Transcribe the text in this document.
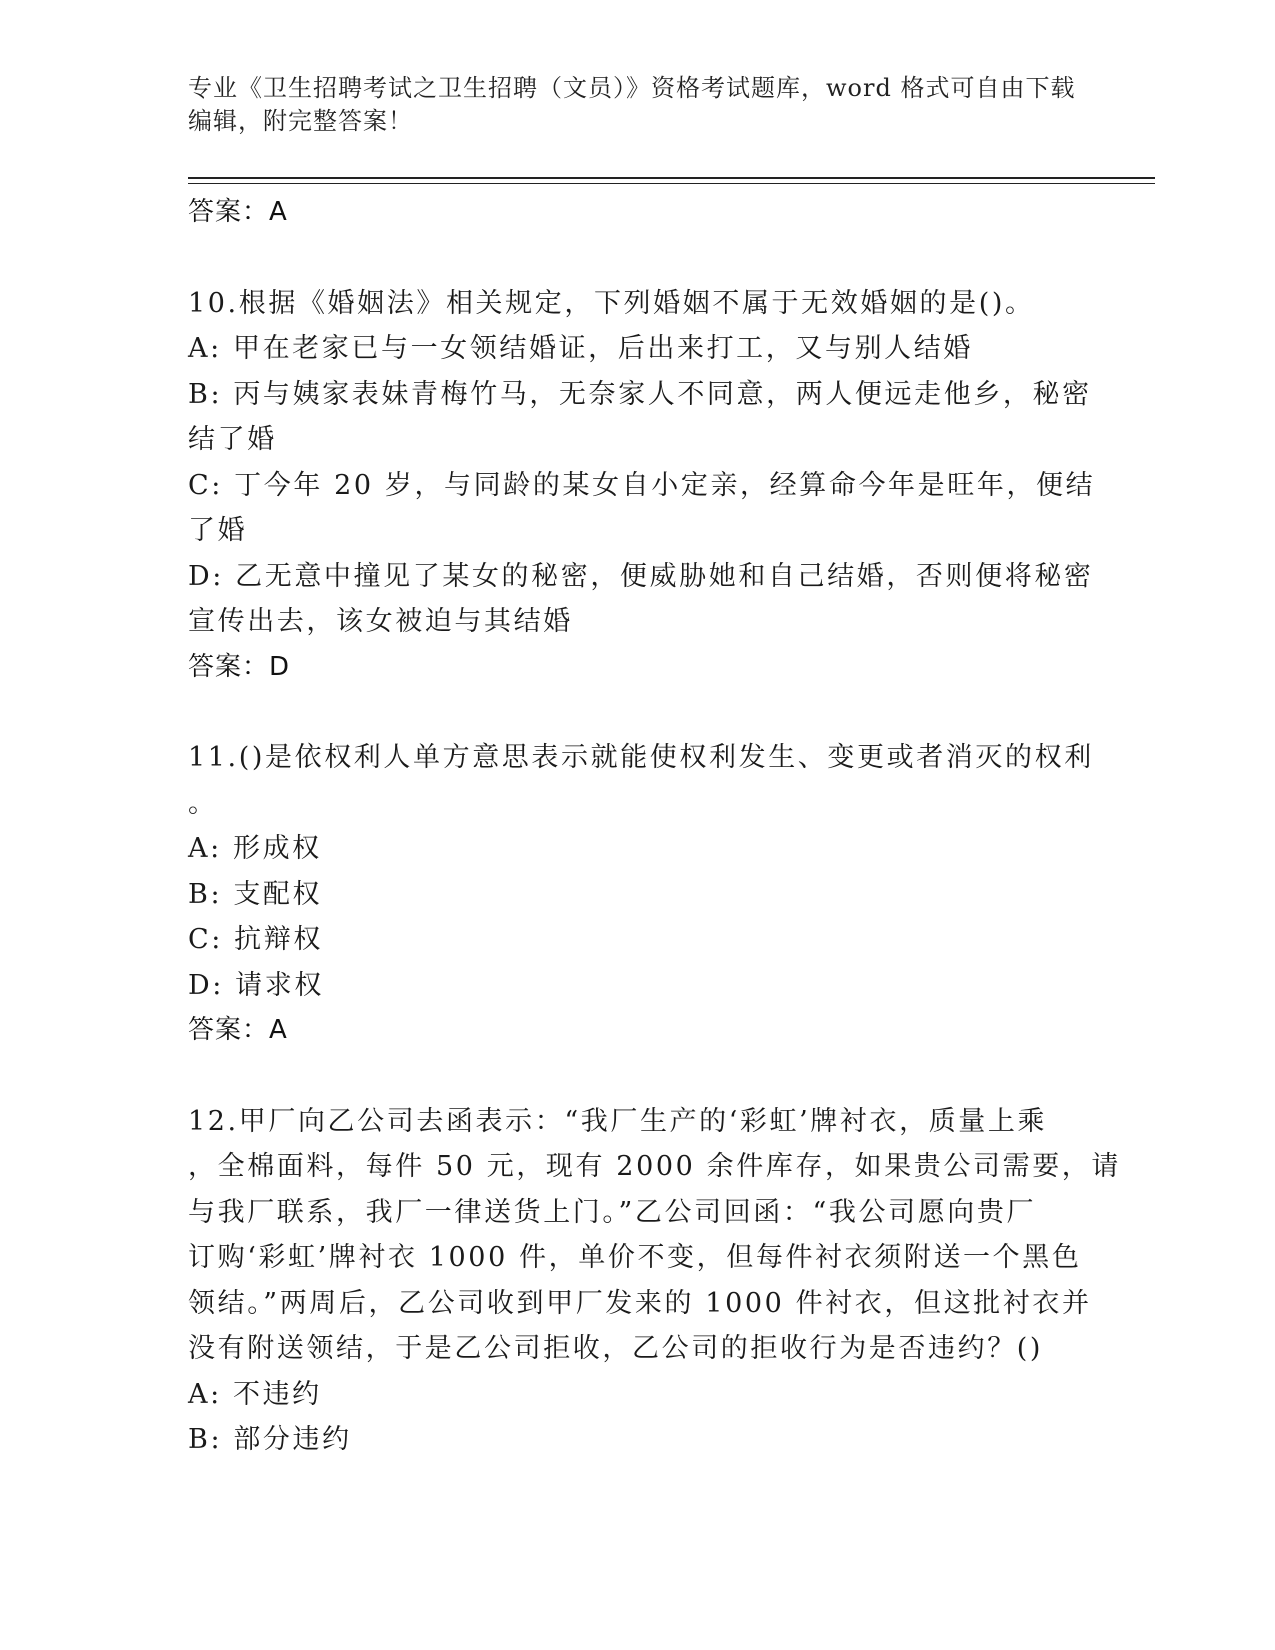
专业《卫生招聘考试之卫生招聘（文员）》资格考试题库，word 格式可自由下载
编辑，附完整答案！
答案：A
10.根据《婚姻法》相关规定，下列婚姻不属于无效婚姻的是()。
A: 甲在老家已与一女领结婚证，后出来打工，又与别人结婚
B: 丙与姨家表妹青梅竹马，无奈家人不同意，两人便远走他乡，秘密
结了婚
C: 丁今年 20 岁，与同龄的某女自小定亲，经算命今年是旺年，便结
了婚
D: 乙无意中撞见了某女的秘密，便威胁她和自己结婚，否则便将秘密
宣传出去，该女被迫与其结婚
答案：D
11.()是依权利人单方意思表示就能使权利发生、变更或者消灭的权利
。
A: 形成权
B: 支配权
C: 抗辩权
D: 请求权
答案：A
12.甲厂向乙公司去函表示：“我厂生产的‘彩虹’牌衬衣，质量上乘
，全棉面料，每件 50 元，现有 2000 余件库存，如果贵公司需要，请
与我厂联系，我厂一律送货上门。”乙公司回函：“我公司愿向贵厂
订购‘彩虹’牌衬衣 1000 件，单价不变，但每件衬衣须附送一个黑色
领结。”两周后，乙公司收到甲厂发来的 1000 件衬衣，但这批衬衣并
没有附送领结，于是乙公司拒收，乙公司的拒收行为是否违约？()
A: 不违约
B: 部分违约
